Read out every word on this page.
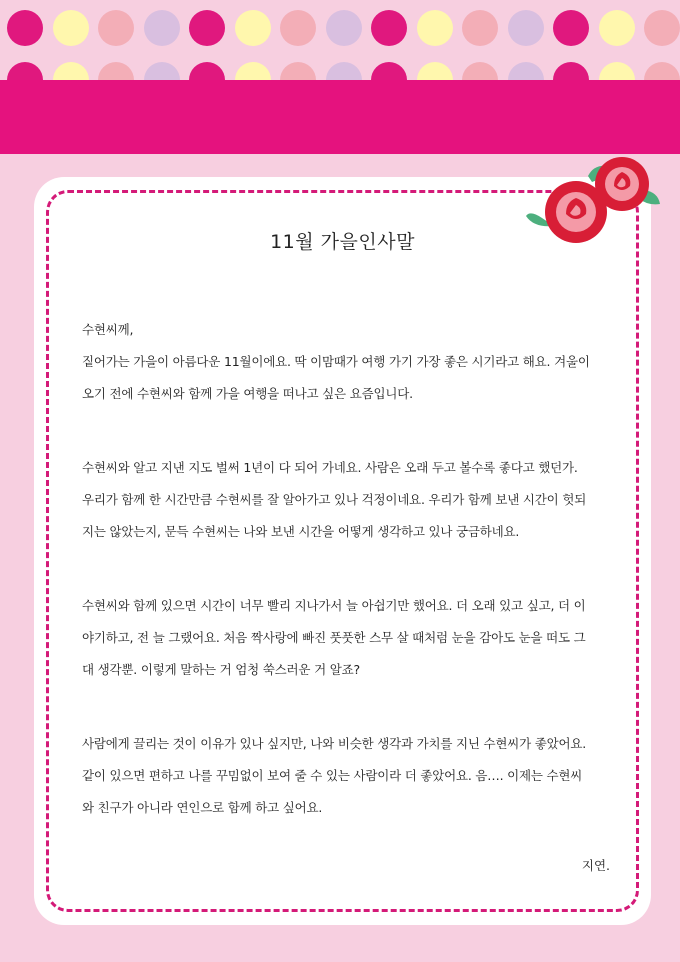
11월 가을인사말

수현씨께,

짙어가는 가을이 아름다운 11월이에요. 딱 이맘때가 여행 가기 가장 좋은 시기라고 해요. 겨울이

오기 전에 수현씨와 함께 가을 여행을 떠나고 싶은 요즘입니다.

수현씨와 알고 지낸 지도 벌써 1년이 다 되어 가네요. 사람은 오래 두고 볼수록 좋다고 했던가.

우리가 함께 한 시간만큼 수현씨를 잘 알아가고 있나 걱정이네요. 우리가 함께 보낸 시간이 헛되

지는 않았는지, 문득 수현씨는 나와 보낸 시간을 어떻게 생각하고 있나 궁금하네요.

수현씨와 함께 있으면 시간이 너무 빨리 지나가서 늘 아쉽기만 했어요. 더 오래 있고 싶고, 더 이

야기하고, 전 늘 그랬어요. 처음 짝사랑에 빠진 풋풋한 스무 살 때처럼 눈을 감아도 눈을 떠도 그

대 생각뿐. 이렇게 말하는 거 엄청 쑥스러운 거 알죠?

사람에게 끌리는 것이 이유가 있나 싶지만, 나와 비슷한 생각과 가치를 지닌 수현씨가 좋았어요.

같이 있으면 편하고 나를 꾸밈없이 보여 줄 수 있는 사람이라 더 좋았어요. 음…. 이제는 수현씨

와 친구가 아니라 연인으로 함께 하고 싶어요.

지연.
